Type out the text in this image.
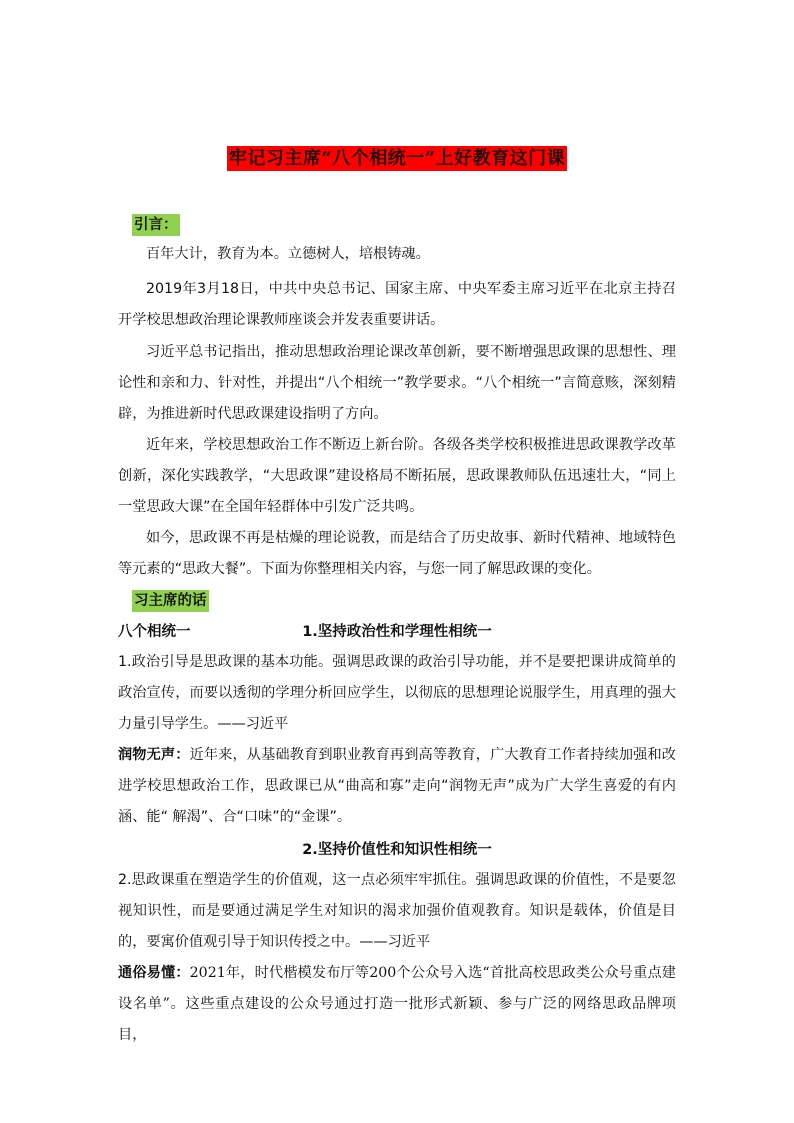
牢记习主席“八个相统一”上好教育这门课
引言：

百年大计，教育为本。立德树人，培根铸魂。

2019年3月18日，中共中央总书记、国家主席、中央军委主席习近平在北京主持召开学校思想政治理论课教师座谈会并发表重要讲话。

习近平总书记指出，推动思想政治理论课改革创新，要不断增强思政课的思想性、理论性和亲和力、针对性，并提出“八个相统一”教学要求。“八个相统一”言简意赅，深刻精辟，为推进新时代思政课建设指明了方向。

近年来，学校思想政治工作不断迈上新台阶。各级各类学校积极推进思政课教学改革创新，深化实践教学，“大思政课”建设格局不断拓展，思政课教师队伍迅速壮大，“同上一堂思政大课”在全国年轻群体中引发广泛共鸣。

如今，思政课不再是枯燥的理论说教，而是结合了历史故事、新时代精神、地域特色等元素的“思政大餐”。下面为你整理相关内容，与您一同了解思政课的变化。

习主席的话
八个相统一	1.坚持政治性和学理性相统一

1.政治引导是思政课的基本功能。强调思政课的政治引导功能，并不是要把课讲成简单的政治宣传，而要以透彻的学理分析回应学生，以彻底的思想理论说服学生，用真理的强大力量引导学生。——习近平

润物无声：近年来，从基础教育到职业教育再到高等教育，广大教育工作者持续加强和改进学校思想政治工作，思政课已从“曲高和寡”走向“润物无声”成为广大学生喜爱的有内涵、能“ 解渴”、合“口味”的“金课”。

2.坚持价值性和知识性相统一

2.思政课重在塑造学生的价值观，这一点必须牢牢抓住。强调思政课的价值性，不是要忽视知识性，而是要通过满足学生对知识的渴求加强价值观教育。知识是载体，价值是目的，要寓价值观引导于知识传授之中。——习近平

通俗易懂：2021年，时代楷模发布厅等200个公众号入选“首批高校思政类公众号重点建设名单”。这些重点建设的公众号通过打造一批形式新颖、参与广泛的网络思政品牌项目，
